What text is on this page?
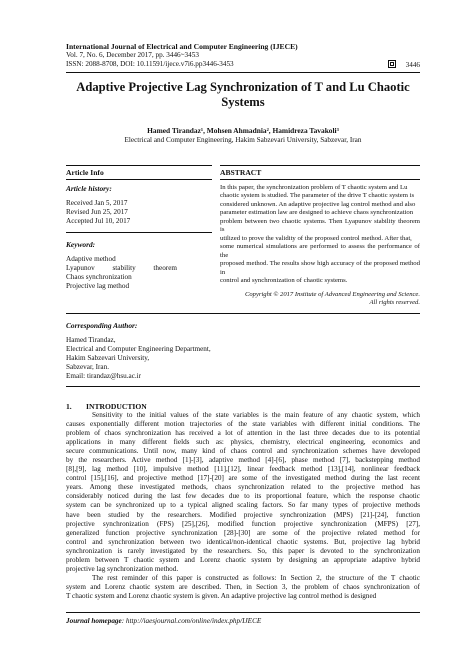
International Journal of Electrical and Computer Engineering (IJECE)
Vol. 7, No. 6, December 2017, pp. 3446~3453
ISSN: 2088-8708, DOI: 10.11591/ijece.v7i6.pp3446-3453	3446
Adaptive Projective Lag Synchronization of T and Lu Chaotic Systems
Hamed Tirandaz¹, Mohsen Ahmadnia², Hamidreza Tavakoli³
Electrical and Computer Engineering, Hakim Sabzevari University, Sabzevar, Iran
Article Info
Article history:
Received Jan 5, 2017
Revised Jun 25, 2017
Accepted Jul 10, 2017
Keyword:
Adaptive method
Lyapunov stability theorem
Chaos synchronization
Projective lag method
ABSTRACT
In this paper, the synchronization problem of T chaotic system and Lu
chaotic system is studied. The parameter of the drive T chaotic system is
considered unknown. An adaptive projective lag control method and also
parameter estimation law are designed to achieve chaos synchronization
problem between two chaotic systems. Then Lyapunov stability theorem is
utilized to prove the validity of the proposed control method. After that,
some numerical simulations are performed to assess the performance of the
proposed method. The results show high accuracy of the proposed method in
control and synchronization of chaotic systems.
Copyright © 2017 Institute of Advanced Engineering and Science.
All rights reserved.
Corresponding Author:
Hamed Tirandaz,
Electrical and Computer Engineering Department,
Hakim Sabzevari University,
Sabzevar, Iran.
Email: tirandaz@hsu.ac.ir
1. INTRODUCTION
Sensitivity to the initial values of the state variables is the main feature of any chaotic system, which
causes exponentially different motion trajectories of the state variables with different initial conditions. The
problem of chaos synchronization has received a lot of attention in the last three decades due to its potential
applications in many different fields such as: physics, chemistry, electrical engineering, economics and
secure communications. Until now, many kind of chaos control and synchronization schemes have developed
by the researchers. Active method [1]-[3], adaptive method [4]-[6], phase method [7], backstepping method
[8],[9], lag method [10], impulsive method [11],[12], linear feedback method [13],[14], nonlinear feedback
control [15],[16], and projective method [17]-[20] are some of the investigated method during the last recent
years. Among these investigated methods, chaos synchronization related to the projective method has
considerably noticed during the last few decades due to its proportional feature, which the response chaotic
system can be synchronized up to a typical aligned scaling factors. So far many types of projective methods
have been studied by the researchers. Modified projective synchronization (MPS) [21]-[24], function
projective synchronization (FPS) [25],[26], modified function projective synchronization (MFPS) [27],
generalized function projective synchronization [28]-[30] are some of the projective related method for
control and synchronization between two identical/non-identical chaotic systems. But, projective lag hybrid
synchronization is rarely investigated by the researchers. So, this paper is devoted to the synchronization
problem between T chaotic system and Lorenz chaotic system by designing an appropriate adaptive hybrid
projective lag synchronization method.
The rest reminder of this paper is constructed as follows: In Section 2, the structure of the T chaotic
system and Lorenz chaotic system are described. Then, in Section 3, the problem of chaos synchronization of
T chaotic system and Lorenz chaotic system is given. An adaptive projective lag control method is designed
Journal homepage: http://iaesjournal.com/online/index.php/IJECE
